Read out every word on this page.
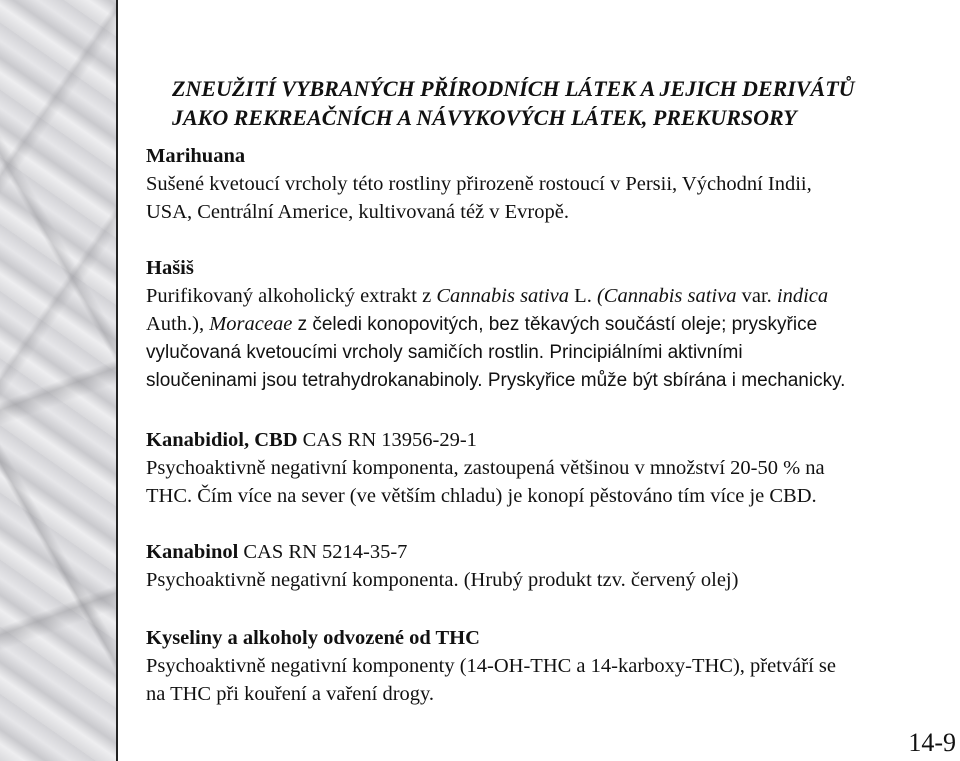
ZNEUŽITÍ VYBRANÝCH PŘÍRODNÍCH LÁTEK A JEJICH DERIVÁTŮ
JAKO REKREAČNÍCH A NÁVYKOVÝCH LÁTEK, PREKURSORY

Marihuana

Sušené kvetoucí vrcholy této rostliny přirozeně rostoucí v Persii, Východní Indii,
USA, Centrální Americe, kultivovaná též v Evropě.

Hašiš

Purifikovaný alkoholický extrakt z Cannabis sativa L. (Cannabis sativa var. indica
Auth.), Moraceae z čeledi konopovitých, bez těkavých součástí oleje; pryskyřice
vylučovaná kvetoucími vrcholy samičích rostlin. Principiálními aktivními
sloučeninami jsou tetrahydrokanabinoly. Pryskyřice může být sbírána i mechanicky.

Kanabidiol, CBD CAS RN 13956-29-1

Psychoaktivně negativní komponenta, zastoupená většinou v množství 20-50 % na
THC. Čím více na sever (ve větším chladu) je konopí pěstováno tím více je CBD.

Kanabinol CAS RN 5214-35-7

Psychoaktivně negativní komponenta. (Hrubý produkt tzv. červený olej)

Kyseliny a alkoholy odvozené od THC

Psychoaktivně negativní komponenty (14-OH-THC a 14-karboxy-THC), přetváří se
na THC při kouření a vaření drogy.

14-9
